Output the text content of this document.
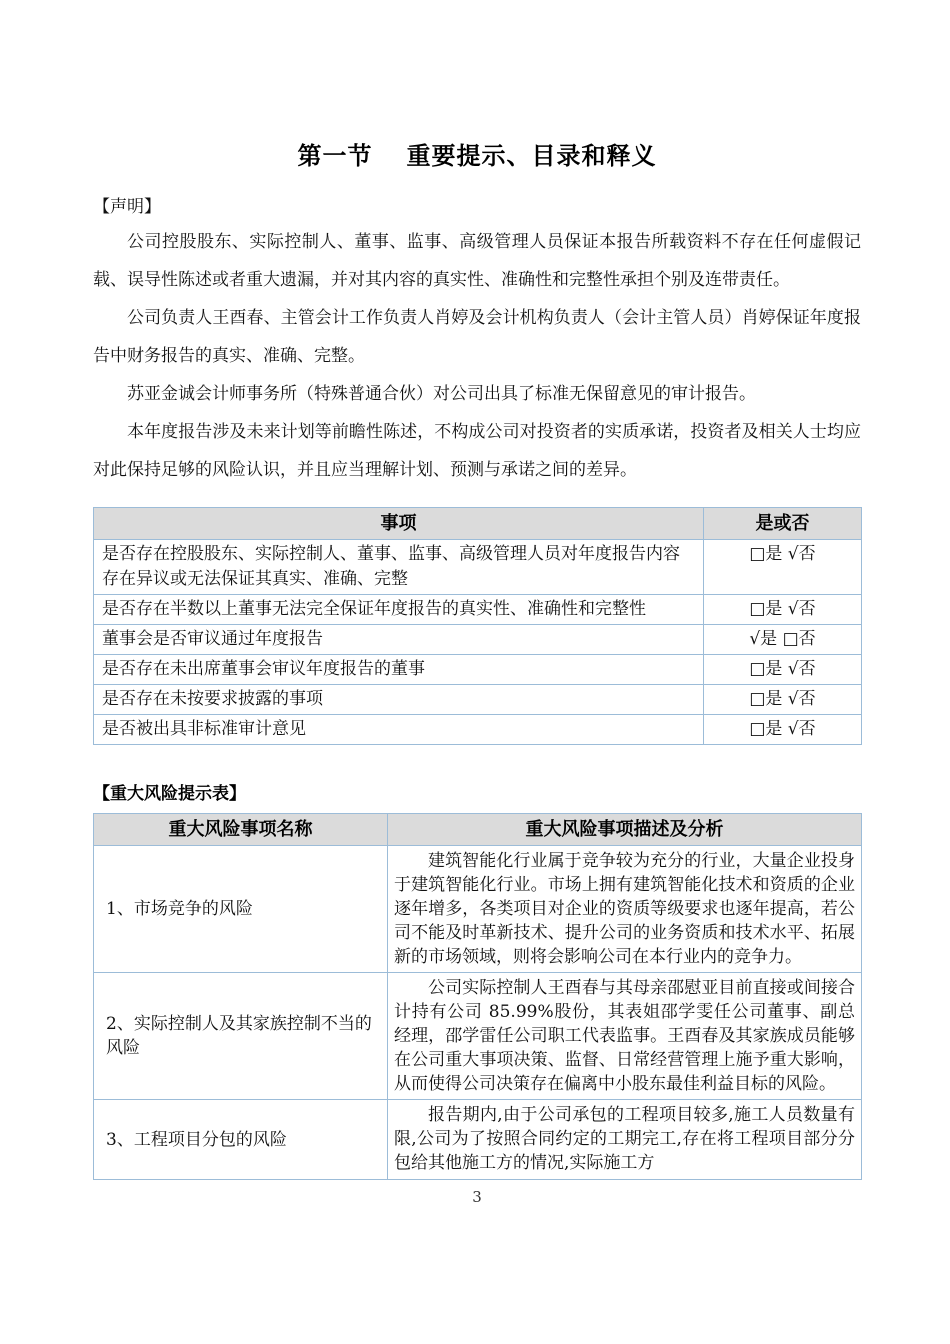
第一节 重要提示、目录和释义
【声明】

公司控股股东、实际控制人、董事、监事、高级管理人员保证本报告所载资料不存在任何虚假记载、误导性陈述或者重大遗漏，并对其内容的真实性、准确性和完整性承担个别及连带责任。

公司负责人王酉春、主管会计工作负责人肖婷及会计机构负责人（会计主管人员）肖婷保证年度报告中财务报告的真实、准确、完整。

苏亚金诚会计师事务所（特殊普通合伙）对公司出具了标准无保留意见的审计报告。

本年度报告涉及未来计划等前瞻性陈述，不构成公司对投资者的实质承诺，投资者及相关人士均应对此保持足够的风险认识，并且应当理解计划、预测与承诺之间的差异。

事项	是或否
是否存在控股股东、实际控制人、董事、监事、高级管理人员对年度报告内容存在异议或无法保证其真实、准确、完整	□是 √否
是否存在半数以上董事无法完全保证年度报告的真实性、准确性和完整性	□是 √否
董事会是否审议通过年度报告	√是 □否
是否存在未出席董事会审议年度报告的董事	□是 √否
是否存在未按要求披露的事项	□是 √否
是否被出具非标准审计意见	□是 √否
【重大风险提示表】
重大风险事项名称	重大风险事项描述及分析
1、市场竞争的风险	建筑智能化行业属于竞争较为充分的行业，大量企业投身于建筑智能化行业。市场上拥有建筑智能化技术和资质的企业逐年增多，各类项目对企业的资质等级要求也逐年提高，若公司不能及时革新技术、提升公司的业务资质和技术水平、拓展新的市场领域，则将会影响公司在本行业内的竞争力。
2、实际控制人及其家族控制不当的风险	公司实际控制人王酉春与其母亲邵慰亚目前直接或间接合计持有公司 85.99%股份，其表姐邵学雯任公司董事、副总经理，邵学雷任公司职工代表监事。王酉春及其家族成员能够在公司重大事项决策、监督、日常经营管理上施予重大影响，从而使得公司决策存在偏离中小股东最佳利益目标的风险。
3、工程项目分包的风险	报告期内,由于公司承包的工程项目较多,施工人员数量有限,公司为了按照合同约定的工期完工,存在将工程项目部分分包给其他施工方的情况,实际施工方
3
